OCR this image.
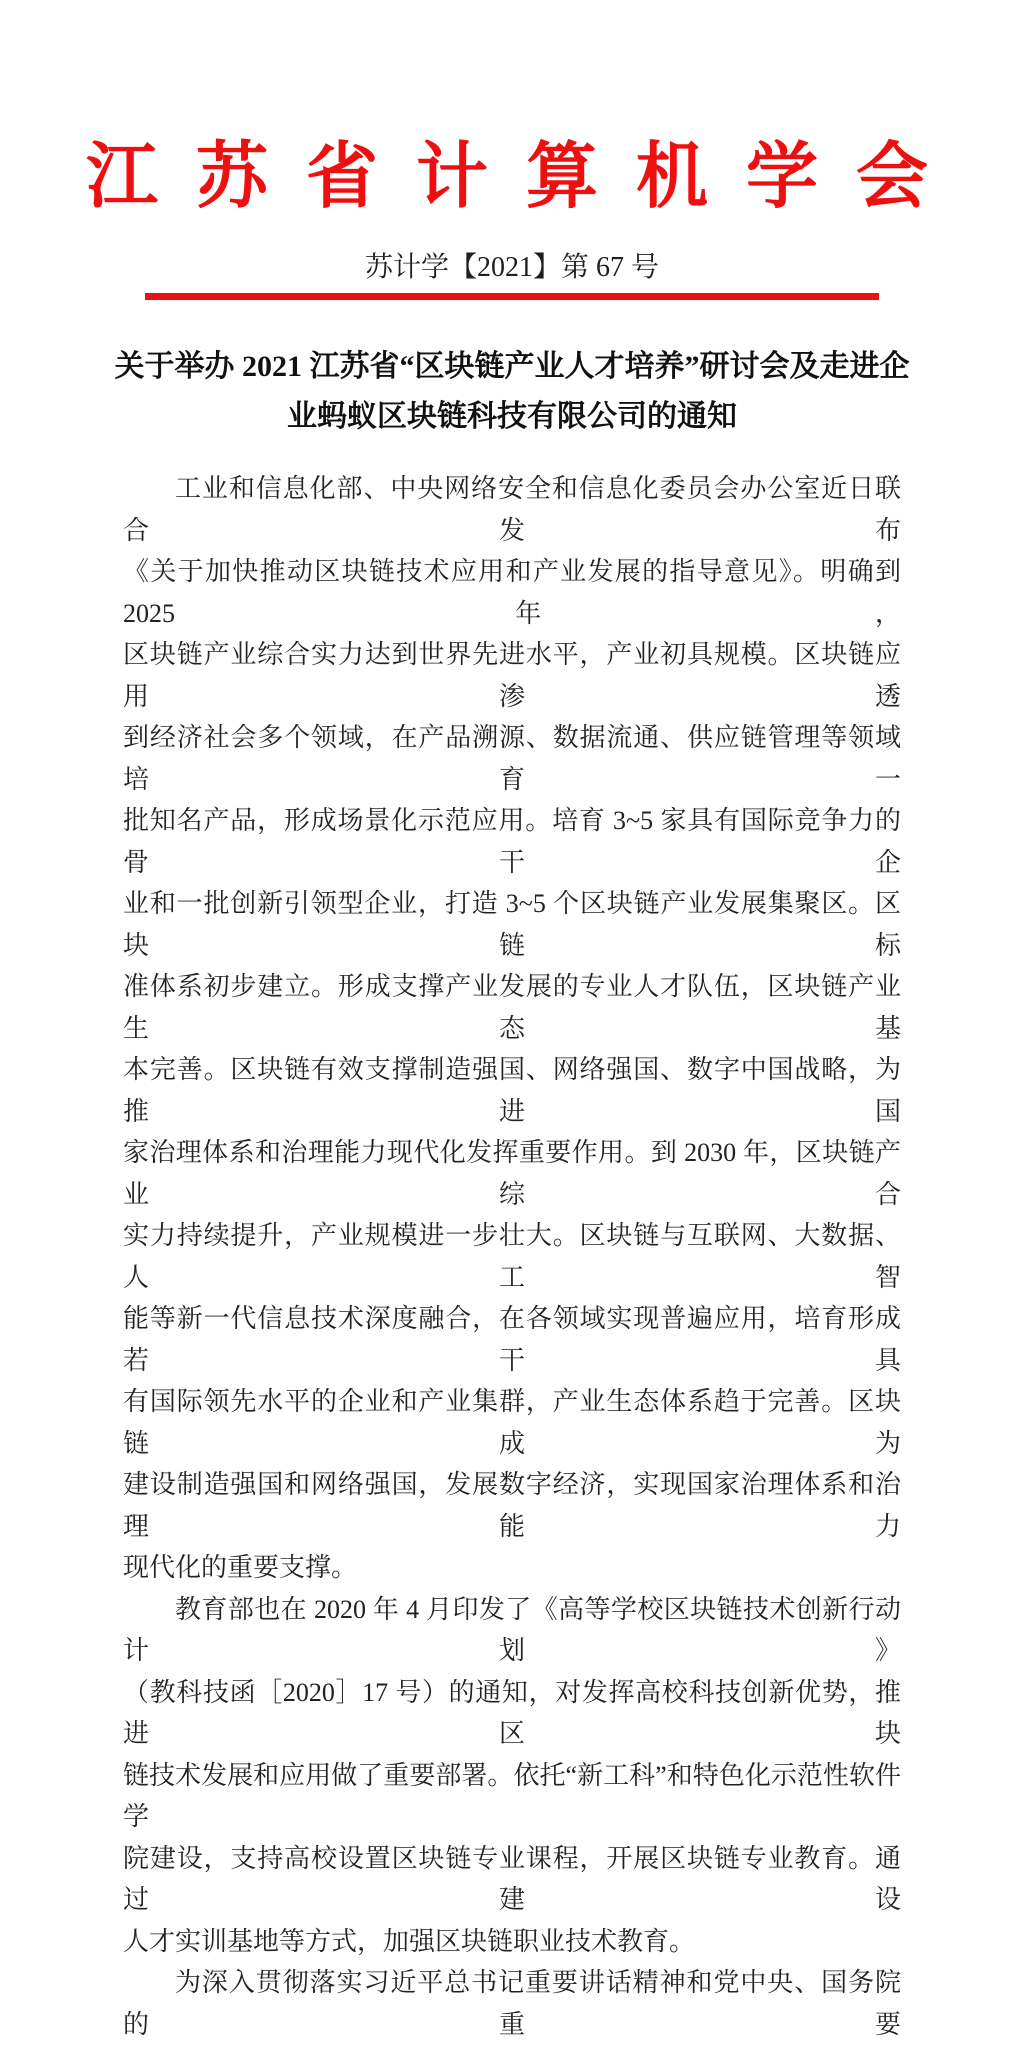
江 苏 省 计 算 机 学 会
苏计学【2021】第 67 号
关于举办 2021 江苏省“区块链产业人才培养”研讨会及走进企
业蚂蚁区块链科技有限公司的通知

工业和信息化部、中央网络安全和信息化委员会办公室近日联合发布

《关于加快推动区块链技术应用和产业发展的指导意见》。明确到 2025 年，

区块链产业综合实力达到世界先进水平，产业初具规模。区块链应用渗透

到经济社会多个领域，在产品溯源、数据流通、供应链管理等领域培育一

批知名产品，形成场景化示范应用。培育 3~5 家具有国际竞争力的骨干企

业和一批创新引领型企业，打造 3~5 个区块链产业发展集聚区。区块链标

准体系初步建立。形成支撑产业发展的专业人才队伍，区块链产业生态基

本完善。区块链有效支撑制造强国、网络强国、数字中国战略，为推进国

家治理体系和治理能力现代化发挥重要作用。到 2030 年，区块链产业综合

实力持续提升，产业规模进一步壮大。区块链与互联网、大数据、人工智

能等新一代信息技术深度融合，在各领域实现普遍应用，培育形成若干具

有国际领先水平的企业和产业集群，产业生态体系趋于完善。区块链成为

建设制造强国和网络强国，发展数字经济，实现国家治理体系和治理能力

现代化的重要支撑。

教育部也在 2020 年 4 月印发了《高等学校区块链技术创新行动计划》

（教科技函［2020］17 号）的通知，对发挥高校科技创新优势，推进区块

链技术发展和应用做了重要部署。依托“新工科”和特色化示范性软件学

院建设，支持高校设置区块链专业课程，开展区块链专业教育。通过建设

人才实训基地等方式，加强区块链职业技术教育。

为深入贯彻落实习近平总书记重要讲话精神和党中央、国务院的重要
